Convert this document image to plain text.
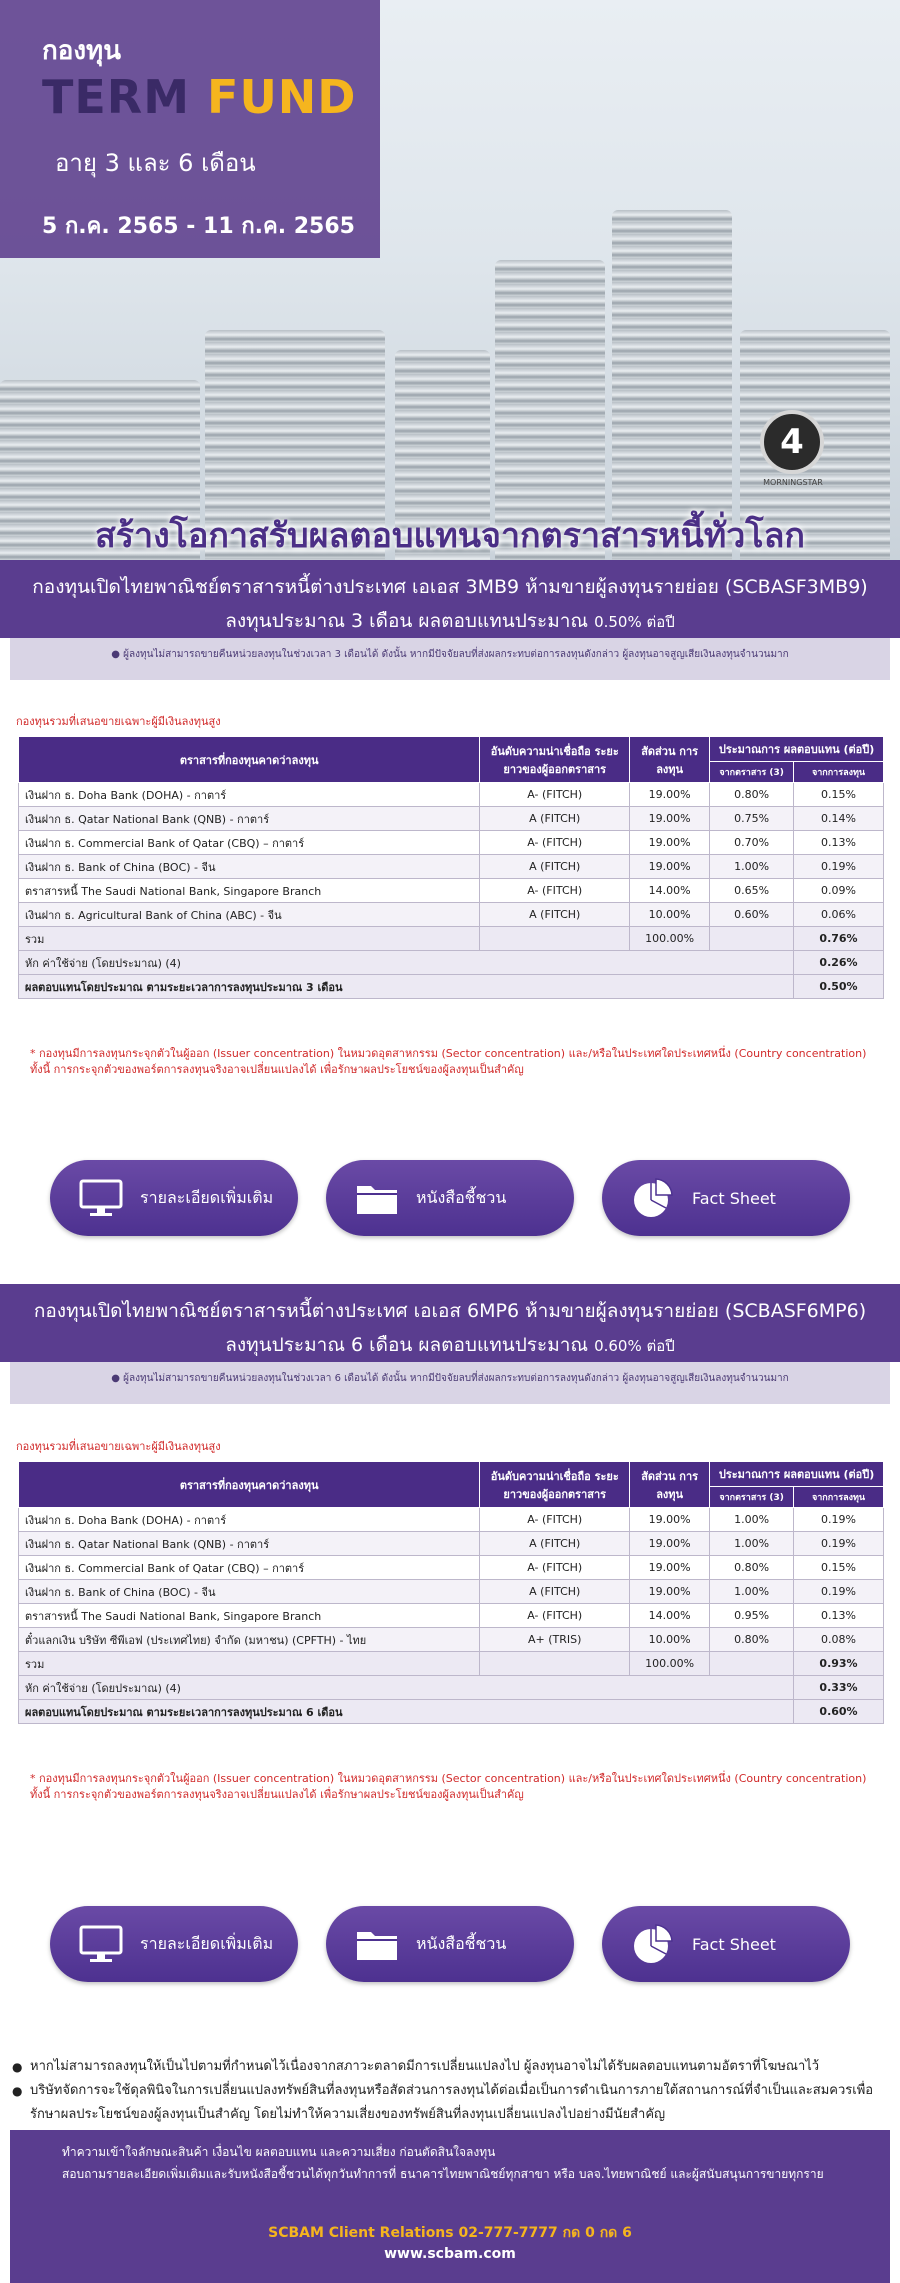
กองทุน
TERM FUND
อายุ 3 และ 6 เดือน
5 ก.ค. 2565 - 11 ก.ค. 2565
4
MORNINGSTAR
สร้างโอกาสรับผลตอบแทนจากตราสารหนี้ทั่วโลก
กองทุนเปิดไทยพาณิชย์ตราสารหนี้ต่างประเทศ เอเอส 3MB9 ห้ามขายผู้ลงทุนรายย่อย (SCBASF3MB9)
ลงทุนประมาณ 3 เดือน ผลตอบแทนประมาณ 0.50% ต่อปี
● ผู้ลงทุนไม่สามารถขายคืนหน่วยลงทุนในช่วงเวลา 3 เดือนได้ ดังนั้น หากมีปัจจัยลบที่ส่งผลกระทบต่อการลงทุนดังกล่าว ผู้ลงทุนอาจสูญเสียเงินลงทุนจำนวนมาก
กองทุนรวมที่เสนอขายเฉพาะผู้มีเงินลงทุนสูง
ตราสารที่กองทุนคาดว่าลงทุน	อันดับความน่าเชื่อถือ ระยะยาวของผู้ออกตราสาร	สัดส่วน การลงทุน	ประมาณการ ผลตอบแทน (ต่อปี)	
			จากตราสาร (3)	จากการลงทุน
เงินฝาก ธ. Doha Bank (DOHA) - กาตาร์	A- (FITCH)	19.00%	0.80%	0.15%
เงินฝาก ธ. Qatar National Bank (QNB) - กาตาร์	A (FITCH)	19.00%	0.75%	0.14%
เงินฝาก ธ. Commercial Bank of Qatar (CBQ) – กาตาร์	A- (FITCH)	19.00%	0.70%	0.13%
เงินฝาก ธ. Bank of China (BOC) - จีน	A (FITCH)	19.00%	1.00%	0.19%
ตราสารหนี้ The Saudi National Bank, Singapore Branch	A- (FITCH)	14.00%	0.65%	0.09%
เงินฝาก ธ. Agricultural Bank of China (ABC) - จีน	A (FITCH)	10.00%	0.60%	0.06%
รวม		100.00%		0.76%
หัก ค่าใช้จ่าย (โดยประมาณ) (4)				0.26%
ผลตอบแทนโดยประมาณ ตามระยะเวลาการลงทุนประมาณ 3 เดือน				0.50%
* กองทุนมีการลงทุนกระจุกตัวในผู้ออก (Issuer concentration) ในหมวดอุตสาหกรรม (Sector concentration) และ/หรือในประเทศใดประเทศหนึ่ง (Country concentration) ทั้งนี้ การกระจุกตัวของพอร์ตการลงทุนจริงอาจเปลี่ยนแปลงได้ เพื่อรักษาผลประโยชน์ของผู้ลงทุนเป็นสำคัญ
รายละเอียดเพิ่มเติม	หนังสือชี้ชวน	Fact Sheet
กองทุนเปิดไทยพาณิชย์ตราสารหนี้ต่างประเทศ เอเอส 6MP6 ห้ามขายผู้ลงทุนรายย่อย (SCBASF6MP6)
ลงทุนประมาณ 6 เดือน ผลตอบแทนประมาณ 0.60% ต่อปี
● ผู้ลงทุนไม่สามารถขายคืนหน่วยลงทุนในช่วงเวลา 6 เดือนได้ ดังนั้น หากมีปัจจัยลบที่ส่งผลกระทบต่อการลงทุนดังกล่าว ผู้ลงทุนอาจสูญเสียเงินลงทุนจำนวนมาก
กองทุนรวมที่เสนอขายเฉพาะผู้มีเงินลงทุนสูง
ตราสารที่กองทุนคาดว่าลงทุน	อันดับความน่าเชื่อถือ ระยะยาวของผู้ออกตราสาร	สัดส่วน การลงทุน	ประมาณการ ผลตอบแทน (ต่อปี)	
			จากตราสาร (3)	จากการลงทุน
เงินฝาก ธ. Doha Bank (DOHA) - กาตาร์	A- (FITCH)	19.00%	1.00%	0.19%
เงินฝาก ธ. Qatar National Bank (QNB) - กาตาร์	A (FITCH)	19.00%	1.00%	0.19%
เงินฝาก ธ. Commercial Bank of Qatar (CBQ) – กาตาร์	A- (FITCH)	19.00%	0.80%	0.15%
เงินฝาก ธ. Bank of China (BOC) - จีน	A (FITCH)	19.00%	1.00%	0.19%
ตราสารหนี้ The Saudi National Bank, Singapore Branch	A- (FITCH)	14.00%	0.95%	0.13%
ตั๋วแลกเงิน บริษัท ซีพีเอฟ (ประเทศไทย) จำกัด (มหาชน) (CPFTH) - ไทย	A+ (TRIS)	10.00%	0.80%	0.08%
รวม		100.00%		0.93%
หัก ค่าใช้จ่าย (โดยประมาณ) (4)				0.33%
ผลตอบแทนโดยประมาณ ตามระยะเวลาการลงทุนประมาณ 6 เดือน				0.60%
* กองทุนมีการลงทุนกระจุกตัวในผู้ออก (Issuer concentration) ในหมวดอุตสาหกรรม (Sector concentration) และ/หรือในประเทศใดประเทศหนึ่ง (Country concentration) ทั้งนี้ การกระจุกตัวของพอร์ตการลงทุนจริงอาจเปลี่ยนแปลงได้ เพื่อรักษาผลประโยชน์ของผู้ลงทุนเป็นสำคัญ
รายละเอียดเพิ่มเติม	หนังสือชี้ชวน	Fact Sheet
● หากไม่สามารถลงทุนให้เป็นไปตามที่กำหนดไว้เนื่องจากสภาวะตลาดมีการเปลี่ยนแปลงไป ผู้ลงทุนอาจไม่ได้รับผลตอบแทนตามอัตราที่โฆษณาไว้
● บริษัทจัดการจะใช้ดุลพินิจในการเปลี่ยนแปลงทรัพย์สินที่ลงทุนหรือสัดส่วนการลงทุนได้ต่อเมื่อเป็นการดำเนินการภายใต้สถานการณ์ที่จำเป็นและสมควรเพื่อรักษาผลประโยชน์ของผู้ลงทุนเป็นสำคัญ โดยไม่ทำให้ความเสี่ยงของทรัพย์สินที่ลงทุนเปลี่ยนแปลงไปอย่างมีนัยสำคัญ
ทำความเข้าใจลักษณะสินค้า เงื่อนไข ผลตอบแทน และความเสี่ยง ก่อนตัดสินใจลงทุน
สอบถามรายละเอียดเพิ่มเติมและรับหนังสือชี้ชวนได้ทุกวันทำการที่ ธนาคารไทยพาณิชย์ทุกสาขา หรือ บลจ.ไทยพาณิชย์ และผู้สนับสนุนการขายทุกราย
SCBAM Client Relations 02-777-7777 กด 0 กด 6
www.scbam.com
